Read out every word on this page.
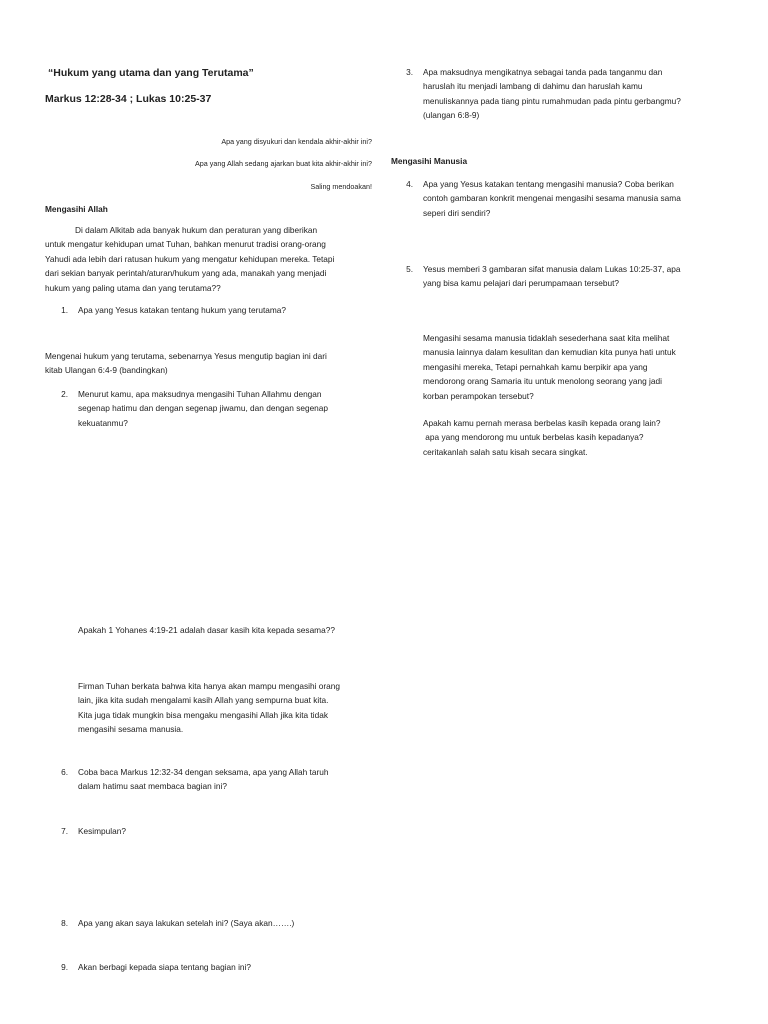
“Hukum yang utama dan yang Terutama”
Markus 12:28-34 ; Lukas 10:25-37
Apa yang disyukuri dan kendala akhir-akhir ini?
Apa yang Allah sedang ajarkan buat kita akhir-akhir ini?
Saling mendoakan!
Mengasihi Allah

Di dalam Alkitab ada banyak hukum dan peraturan yang diberikan

untuk mengatur kehidupan umat Tuhan, bahkan menurut tradisi orang-orang

Yahudi ada lebih dari ratusan hukum yang mengatur kehidupan mereka. Tetapi

dari sekian banyak perintah/aturan/hukum yang ada, manakah yang menjadi

hukum yang paling utama dan yang terutama??

1. Apa yang Yesus katakan tentang hukum yang terutama?

Mengenai hukum yang terutama, sebenarnya Yesus mengutip bagian ini dari

kitab Ulangan 6:4-9 (bandingkan)

2. Menurut kamu, apa maksudnya mengasihi Tuhan Allahmu dengan

segenap hatimu dan dengan segenap jiwamu, dan dengan segenap

kekuatanmu?

Apakah 1 Yohanes 4:19-21 adalah dasar kasih kita kepada sesama??

Firman Tuhan berkata bahwa kita hanya akan mampu mengasihi orang

lain, jika kita sudah mengalami kasih Allah yang sempurna buat kita.

Kita juga tidak mungkin bisa mengaku mengasihi Allah jika kita tidak

mengasihi sesama manusia.

6. Coba baca Markus 12:32-34 dengan seksama, apa yang Allah taruh

dalam hatimu saat membaca bagian ini?

7. Kesimpulan?
8. Apa yang akan saya lakukan setelah ini? (Saya akan…….)
9. Akan berbagi kepada siapa tentang bagian ini?
3. Apa maksudnya mengikatnya sebagai tanda pada tanganmu dan

haruslah itu menjadi lambang di dahimu dan haruslah kamu

menuliskannya pada tiang pintu rumahmudan pada pintu gerbangmu?

(ulangan 6:8-9)

Mengasihi Manusia
4. Apa yang Yesus katakan tentang mengasihi manusia? Coba berikan

contoh gambaran konkrit mengenai mengasihi sesama manusia sama

seperi diri sendiri?

5. Yesus memberi 3 gambaran sifat manusia dalam Lukas 10:25-37, apa

yang bisa kamu pelajari dari perumpamaan tersebut?

Mengasihi sesama manusia tidaklah sesederhana saat kita melihat

manusia lainnya dalam kesulitan dan kemudian kita punya hati untuk

mengasihi mereka, Tetapi pernahkah kamu berpikir apa yang

mendorong orang Samaria itu untuk menolong seorang yang jadi

korban perampokan tersebut?

Apakah kamu pernah merasa berbelas kasih kepada orang lain?

apa yang mendorong mu untuk berbelas kasih kepadanya?

ceritakanlah salah satu kisah secara singkat.
